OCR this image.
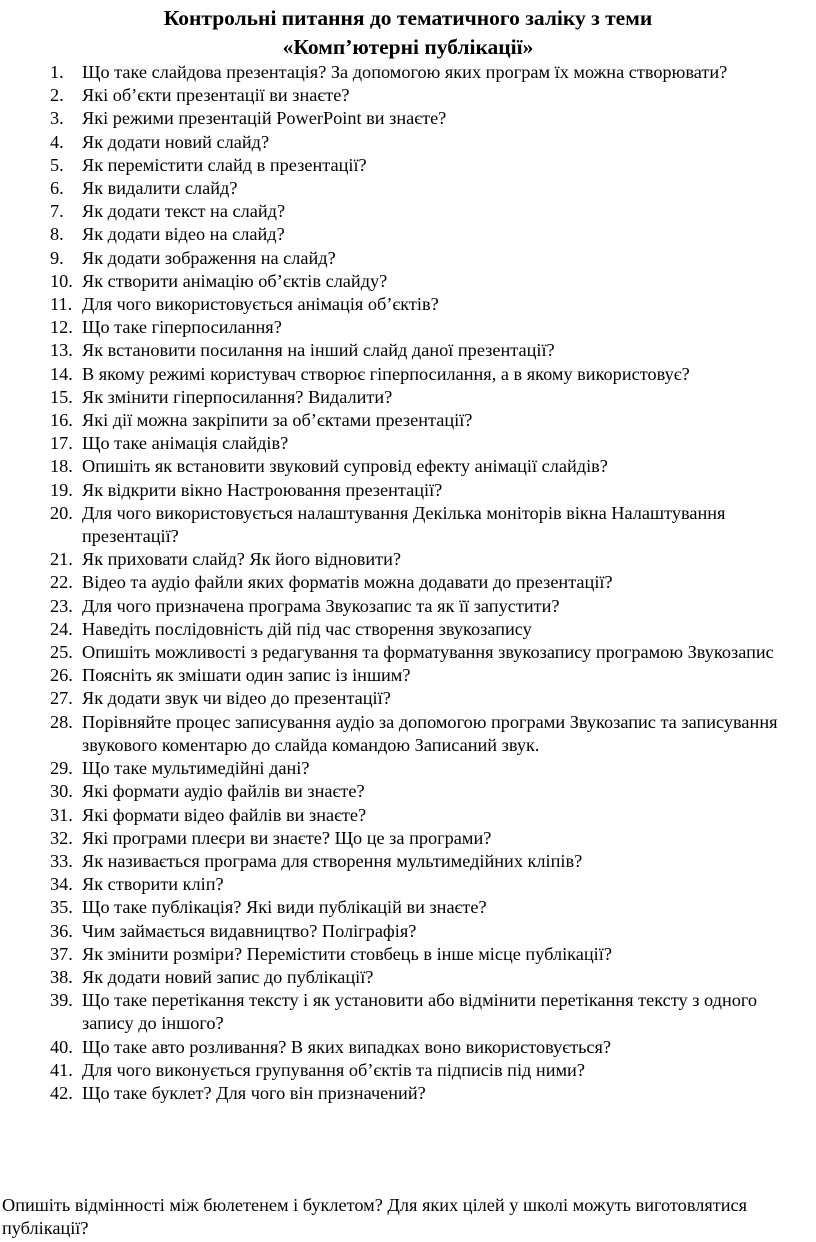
Контрольні питання до тематичного заліку з теми
«Комп’ютерні публікації»
1. Що таке слайдова презентація? За допомогою яких програм їх можна створювати?
2. Які об’єкти презентації ви знаєте?
3. Які режими презентацій PowerPoint ви знаєте?
4. Як додати новий слайд?
5. Як перемістити слайд в презентації?
6. Як видалити слайд?
7. Як додати текст на слайд?
8. Як додати відео на слайд?
9. Як додати зображення на слайд?
10. Як створити анімацію об’єктів слайду?
11. Для чого використовується анімація об’єктів?
12. Що таке гіперпосилання?
13. Як встановити посилання на інший слайд даної презентації?
14. В якому режимі користувач створює гіперпосилання, а в якому використовує?
15. Як змінити гіперпосилання? Видалити?
16. Які дії можна закріпити за об’єктами презентації?
17. Що таке анімація слайдів?
18. Опишіть як встановити звуковий супровід ефекту анімації слайдів?
19. Як відкрити вікно Настроювання презентації?
20. Для чого використовується налаштування Декілька моніторів вікна Налаштування презентації?
21. Як приховати слайд? Як його відновити?
22. Відео та аудіо файли яких форматів можна додавати до презентації?
23. Для чого призначена програма Звукозапис та як її запустити?
24. Наведіть послідовність дій під час створення звукозапису
25. Опишіть можливості з редагування та форматування звукозапису програмою Звукозапис
26. Поясніть як змішати один запис із іншим?
27. Як додати звук чи відео до презентації?
28. Порівняйте процес записування аудіо за допомогою програми Звукозапис та записування звукового коментарю до слайда командою Записаний звук.
29. Що таке мультимедійні дані?
30. Які формати аудіо файлів ви знаєте?
31. Які формати відео файлів ви знаєте?
32. Які програми плеєри ви знаєте? Що це за програми?
33. Як називається програма для створення мультимедійних кліпів?
34. Як створити кліп?
35. Що таке публікація? Які види публікацій ви знаєте?
36. Чим займається видавництво? Поліграфія?
37. Як змінити розміри? Перемістити стовбець в інше місце публікації?
38. Як додати новий запис до публікації?
39. Що таке перетікання тексту і як установити або відмінити перетікання тексту з одного запису до іншого?
40. Що таке авто розливання? В яких випадках воно використовується?
41. Для чого виконується групування об’єктів та підписів під ними?
42. Що таке буклет? Для чого він призначений?

Опишіть відмінності між бюлетенем і буклетом? Для яких цілей у школі можуть виготовлятися публікації?
